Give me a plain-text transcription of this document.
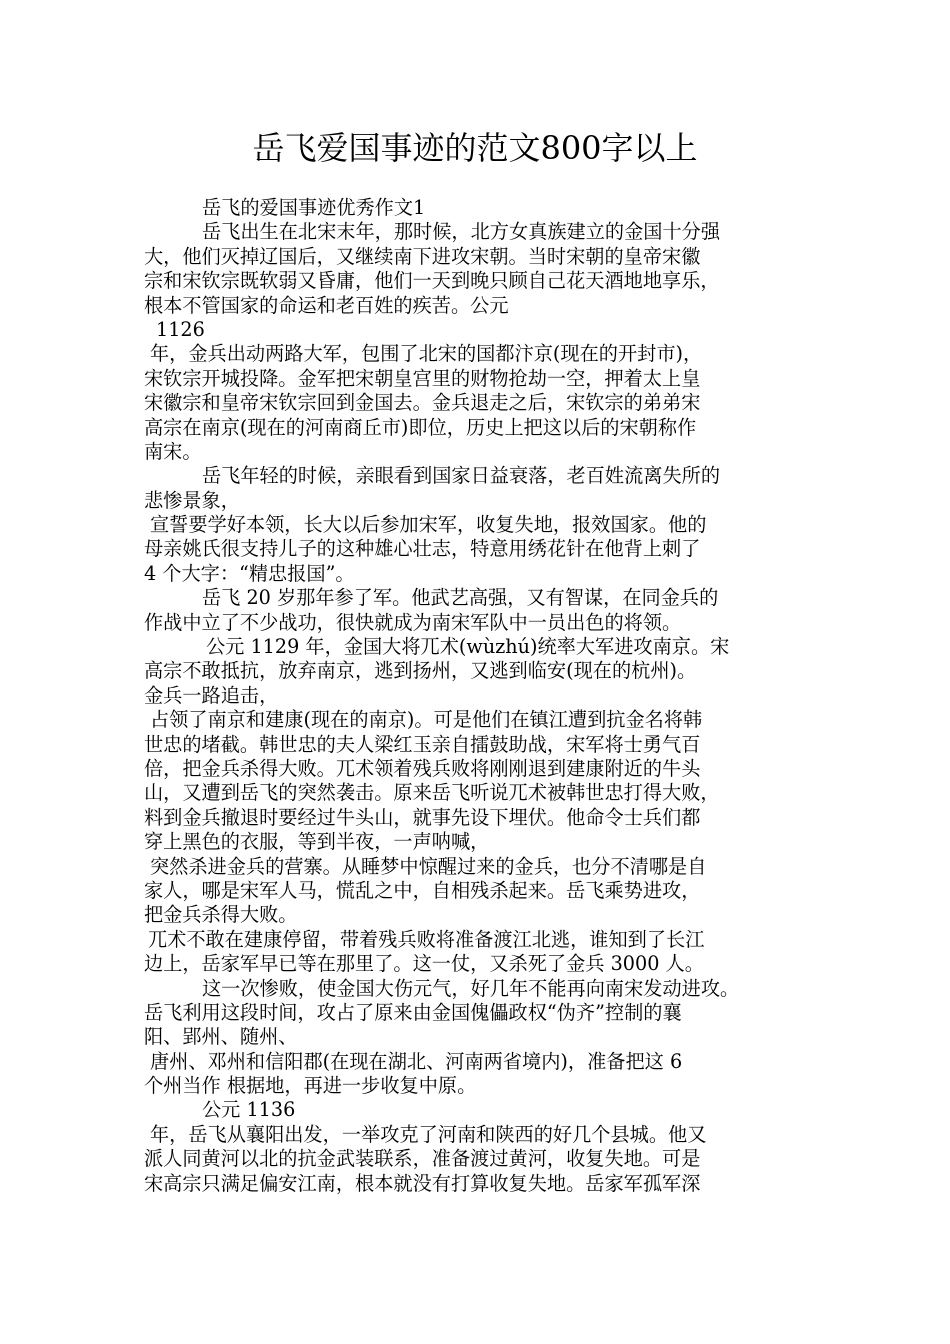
岳飞爱国事迹的范文800字以上
岳飞的爱国事迹优秀作文1
岳飞出生在北宋末年，那时候，北方女真族建立的金国十分强
大，他们灭掉辽国后，又继续南下进攻宋朝。当时宋朝的皇帝宋徽
宗和宋钦宗既软弱又昏庸，他们一天到晚只顾自己花天酒地地享乐，
根本不管国家的命运和老百姓的疾苦。公元
1126
年，金兵出动两路大军，包围了北宋的国都汴京(现在的开封市)，
宋钦宗开城投降。金军把宋朝皇宫里的财物抢劫一空，押着太上皇
宋徽宗和皇帝宋钦宗回到金国去。金兵退走之后，宋钦宗的弟弟宋
高宗在南京(现在的河南商丘市)即位，历史上把这以后的宋朝称作
南宋。
岳飞年轻的时候，亲眼看到国家日益衰落，老百姓流离失所的
悲惨景象，
宣誓要学好本领，长大以后参加宋军，收复失地，报效国家。他的
母亲姚氏很支持儿子的这种雄心壮志，特意用绣花针在他背上刺了
4 个大字：“精忠报国”。
岳飞 20 岁那年参了军。他武艺高强，又有智谋，在同金兵的
作战中立了不少战功，很快就成为南宋军队中一员出色的将领。
公元 1129 年，金国大将兀术(wùzhú)统率大军进攻南京。宋
高宗不敢抵抗，放弃南京，逃到扬州，又逃到临安(现在的杭州)。
金兵一路追击，
占领了南京和建康(现在的南京)。可是他们在镇江遭到抗金名将韩
世忠的堵截。韩世忠的夫人梁红玉亲自擂鼓助战，宋军将士勇气百
倍，把金兵杀得大败。兀术领着残兵败将刚刚退到建康附近的牛头
山，又遭到岳飞的突然袭击。原来岳飞听说兀术被韩世忠打得大败，
料到金兵撤退时要经过牛头山，就事先设下埋伏。他命令士兵们都
穿上黑色的衣服，等到半夜，一声呐喊，
突然杀进金兵的营寨。从睡梦中惊醒过来的金兵，也分不清哪是自
家人，哪是宋军人马，慌乱之中，自相残杀起来。岳飞乘势进攻，
把金兵杀得大败。
兀术不敢在建康停留，带着残兵败将准备渡江北逃，谁知到了长江
边上，岳家军早已等在那里了。这一仗，又杀死了金兵 3000 人。
这一次惨败，使金国大伤元气，好几年不能再向南宋发动进攻。
岳飞利用这段时间，攻占了原来由金国傀儡政权“伪齐”控制的襄
阳、郢州、随州、
唐州、邓州和信阳郡(在现在湖北、河南两省境内)，准备把这 6
个州当作 根据地，再进一步收复中原。
公元 1136
年，岳飞从襄阳出发，一举攻克了河南和陕西的好几个县城。他又
派人同黄河以北的抗金武装联系，准备渡过黄河，收复失地。可是
宋高宗只满足偏安江南，根本就没有打算收复失地。岳家军孤军深
